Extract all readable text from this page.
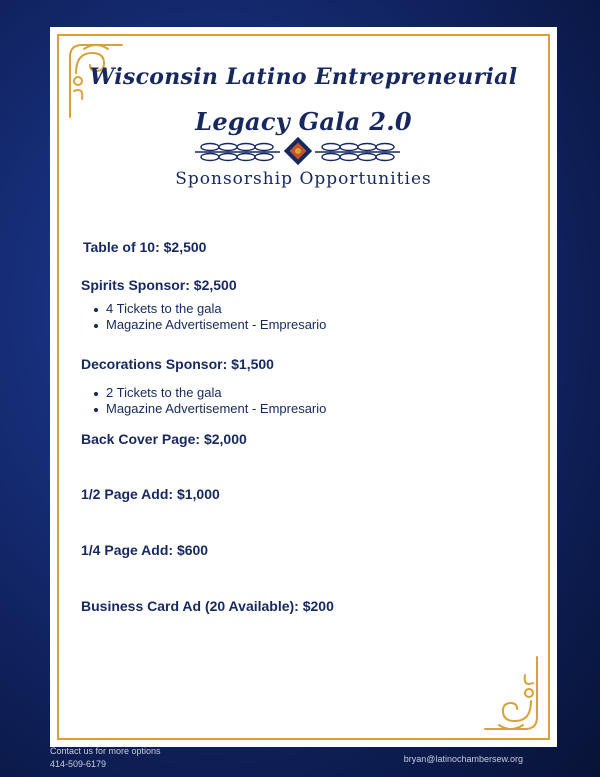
Wisconsin Latino Entrepreneurial
Legacy Gala 2.0
Sponsorship Opportunities
Table of 10: $2,500
Spirits Sponsor: $2,500
4 Tickets to the gala
Magazine Advertisement - Empresario
Decorations Sponsor: $1,500
2 Tickets to the gala
Magazine Advertisement - Empresario
Back Cover Page: $2,000
1/2 Page Add: $1,000
1/4 Page Add: $600
Business Card Ad (20 Available): $200

Contact us for more options
414-509-6179	bryan@latinochambersew.org
